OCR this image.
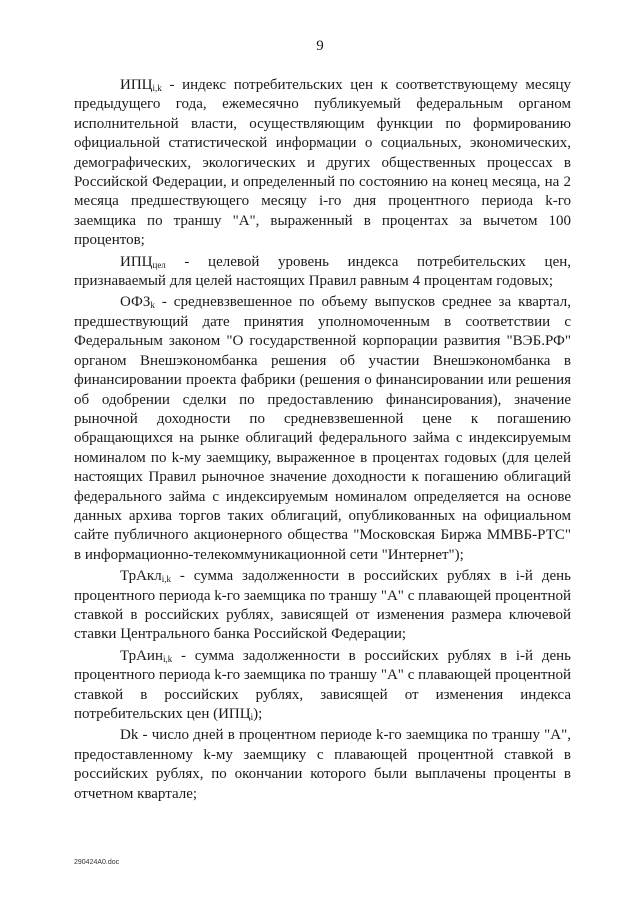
9

$ИПЦ_{i,k}$ - индекс потребительских цен к соответствующему месяцу предыдущего года, ежемесячно публикуемый федеральным органом исполнительной власти, осуществляющим функции по формированию официальной статистической информации о социальных, экономических, демографических, экологических и других общественных процессах в Российской Федерации, и определенный по состоянию на конец месяца, на 2 месяца предшествующего месяцу i-го дня процентного периода k-го заемщика по траншу "А", выраженный в процентах за вычетом 100 процентов;

$ИПЦ_{цел}$ - целевой уровень индекса потребительских цен, признаваемый для целей настоящих Правил равным 4 процентам годовых;

$ОФЗ_k$ - средневзвешенное по объему выпусков среднее за квартал, предшествующий дате принятия уполномоченным в соответствии с Федеральным законом "О государственной корпорации развития "ВЭБ.РФ" органом Внешэкономбанка решения об участии Внешэкономбанка в финансировании проекта фабрики (решения о финансировании или решения об одобрении сделки по предоставлению финансирования), значение рыночной доходности по средневзвешенной цене к погашению обращающихся на рынке облигаций федерального займа с индексируемым номиналом по k-му заемщику, выраженное в процентах годовых (для целей настоящих Правил рыночное значение доходности к погашению облигаций федерального займа с индексируемым номиналом определяется на основе данных архива торгов таких облигаций, опубликованных на официальном сайте публичного акционерного общества "Московская Биржа ММВБ-РТС" в информационно-телекоммуникационной сети "Интернет");

ТрАкл$_{i,k}$ - сумма задолженности в российских рублях в i-й день процентного периода k-го заемщика по траншу "А" с плавающей процентной ставкой в российских рублях, зависящей от изменения размера ключевой ставки Центрального банка Российской Федерации;

ТрАин$_{i,k}$ - сумма задолженности в российских рублях в i-й день процентного периода k-го заемщика по траншу "А" с плавающей процентной ставкой в российских рублях, зависящей от изменения индекса потребительских цен $(ИПЦ_i)$;

Dk - число дней в процентном периоде k-го заемщика по траншу "А", предоставленному k-му заемщику с плавающей процентной ставкой в российских рублях, по окончании которого были выплачены проценты в отчетном квартале;

290424A0.doc
